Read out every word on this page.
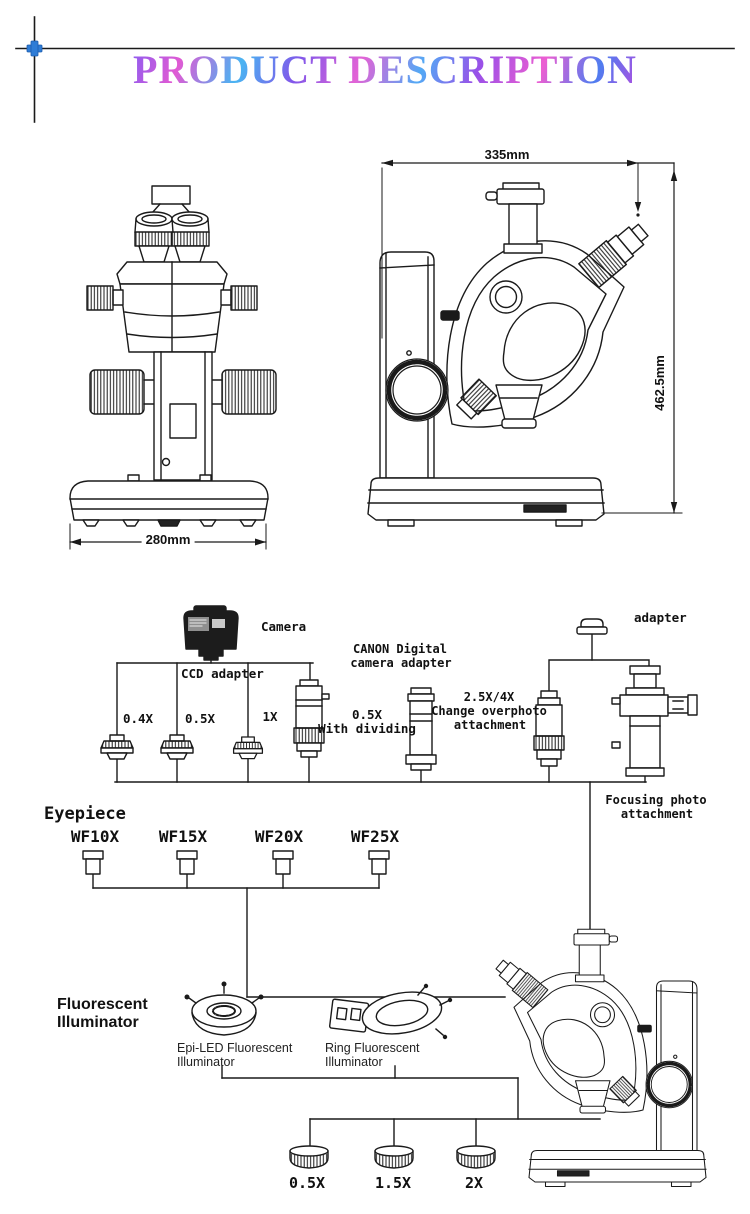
PRODUCT DESCRIPTION
335mm
462.5mm
280mm
Camera
CCD adapter
CANON Digital
camera adapter
adapter
0.4X	0.5X	1X	0.5X
With dividing
2.5X/4X
Change overphoto
attachment
Focusing photo
attachment
Eyepiece
WF10X WF15X	WF20X	WF25X
Fluorescent
Illuminator
Epi-LED Fluorescent
Illuminator
Ring Fluorescent
Illuminator
0.5X	1.5X	2X
